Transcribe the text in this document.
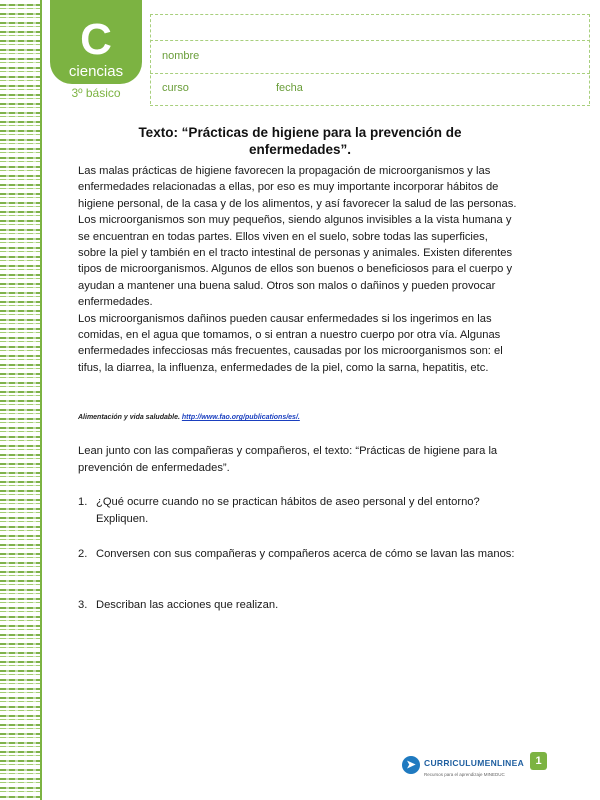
C
ciencias
3º básico
nombre
curso	fecha
Texto: “Prácticas de higiene para la prevención de enfermedades”.

Las malas prácticas de higiene favorecen la propagación de microorganismos y las enfermedades relacionadas a ellas, por eso es muy importante incorporar hábitos de higiene personal, de la casa y de los alimentos, y así favorecer la salud de las personas. Los microorganismos son muy pequeños, siendo algunos invisibles a la vista humana y se encuentran en todas partes. Ellos viven en el suelo, sobre todas las superficies, sobre la piel y también en el tracto intestinal de personas y animales. Existen diferentes tipos de microorganismos. Algunos de ellos son buenos o beneficiosos para el cuerpo y ayudan a mantener una buena salud. Otros son malos o dañinos y pueden provocar enfermedades.

Los microorganismos dañinos pueden causar enfermedades si los ingerimos en las comidas, en el agua que tomamos, o si entran a nuestro cuerpo por otra vía. Algunas enfermedades infecciosas más frecuentes, causadas por los microorganismos son: el tifus, la diarrea, la influenza, enfermedades de la piel, como la sarna, hepatitis, etc.

Alimentación y vida saludable. http://www.fao.org/publications/es/.
Lean junto con las compañeras y compañeros, el texto: “Prácticas de higiene para la prevención de enfermedades”.
1. ¿Qué ocurre cuando no se practican hábitos de aseo personal y del entorno? Expliquen.
2. Conversen con sus compañeras y compañeros acerca de cómo se lavan las manos:
3. Describan las acciones que realizan.
➤ CURRICULUMENLINEA
Recursos para el aprendizaje MINEDUC
1
